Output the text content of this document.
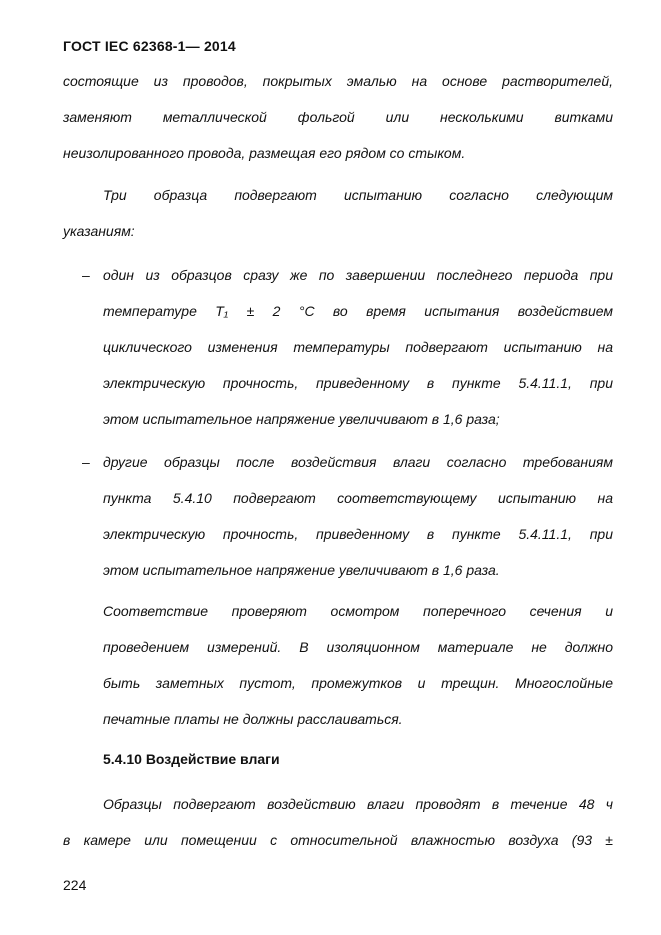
ГОСТ IEC 62368-1— 2014
состоящие из проводов, покрытых эмалью на основе растворителей,
заменяют металлической фольгой или несколькими витками
неизолированного провода, размещая его рядом со стыком.
Три образца подвергают испытанию согласно следующим
указаниям:
– один из образцов сразу же по завершении последнего периода при
температуре T₁ ± 2 °C во время испытания воздействием
циклического изменения температуры подвергают испытанию на
электрическую прочность, приведенному в пункте 5.4.11.1, при
этом испытательное напряжение увеличивают в 1,6 раза;
– другие образцы после воздействия влаги согласно требованиям
пункта 5.4.10 подвергают соответствующему испытанию на
электрическую прочность, приведенному в пункте 5.4.11.1, при
этом испытательное напряжение увеличивают в 1,6 раза.
Соответствие проверяют осмотром поперечного сечения и
проведением измерений. В изоляционном материале не должно
быть заметных пустот, промежутков и трещин. Многослойные
печатные платы не должны расслаиваться.
5.4.10 Воздействие влаги
Образцы подвергают воздействию влаги проводят в течение 48 ч
в камере или помещении с относительной влажностью воздуха (93 ±
224
